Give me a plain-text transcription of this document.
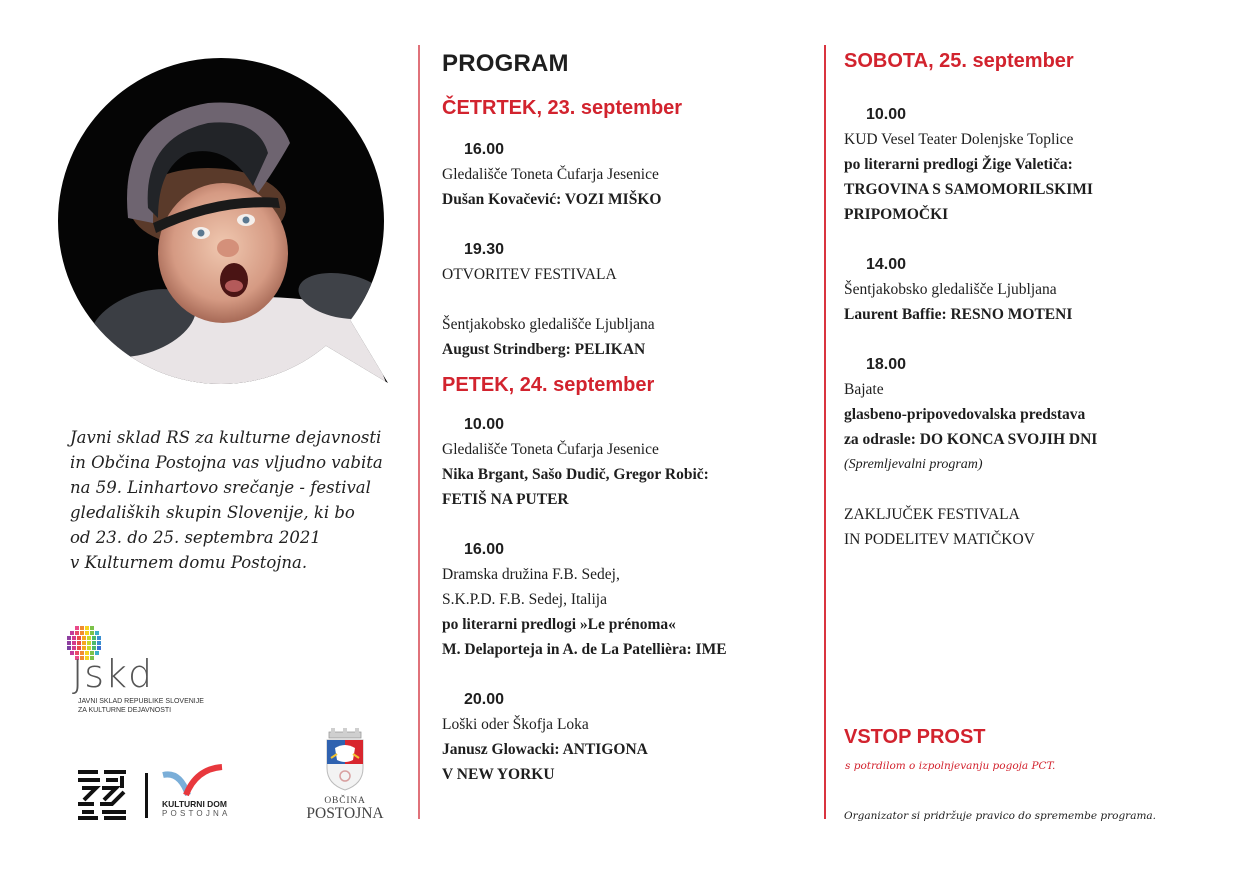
Javni sklad RS za kulturne dejavnosti
in Občina Postojna vas vljudno vabita
na 59. Linhartovo srečanje - festival
gledaliških skupin Slovenije, ki bo
od 23. do 25. septembra 2021
v Kulturnem domu Postojna.
PROGRAM
ČETRTEK, 23. september
16.00
Gledališče Toneta Čufarja Jesenice
Dušan Kovačević: VOZI MIŠKO
19.30
OTVORITEV FESTIVALA
Šentjakobsko gledališče Ljubljana
August Strindberg: PELIKAN
PETEK, 24. september
10.00
Gledališče Toneta Čufarja Jesenice
Nika Brgant, Sašo Dudič, Gregor Robič:
FETIŠ NA PUTER
16.00
Dramska družina F.B. Sedej,
S.K.P.D. F.B. Sedej, Italija
po literarni predlogi »Le prénoma«
M. Delaporteja in A. de La Patellièra: IME
20.00
Loški oder Škofja Loka
Janusz Glowacki: ANTIGONA
V NEW YORKU
SOBOTA, 25. september
10.00
KUD Vesel Teater Dolenjske Toplice
po literarni predlogi Žige Valetiča:
TRGOVINA S SAMOMORILSKIMI
PRIPOMOČKI
14.00
Šentjakobsko gledališče Ljubljana
Laurent Baffie: RESNO MOTENI
18.00
Bajate
glasbeno-pripovedovalska predstava
za odrasle: DO KONCA SVOJIH DNI
(Spremljevalni program)
ZAKLJUČEK FESTIVALA
IN PODELITEV MATIČKOV
VSTOP PROST
s potrdilom o izpolnjevanju pogoja PCT.
Organizator si pridržuje pravico do spremembe programa.
Jskd
JAVNI SKLAD REPUBLIKE SLOVENIJE
ZA KULTURNE DEJAVNOSTI
KULTURNI DOM
POSTOJNA
OBČINA
POSTOJNA
